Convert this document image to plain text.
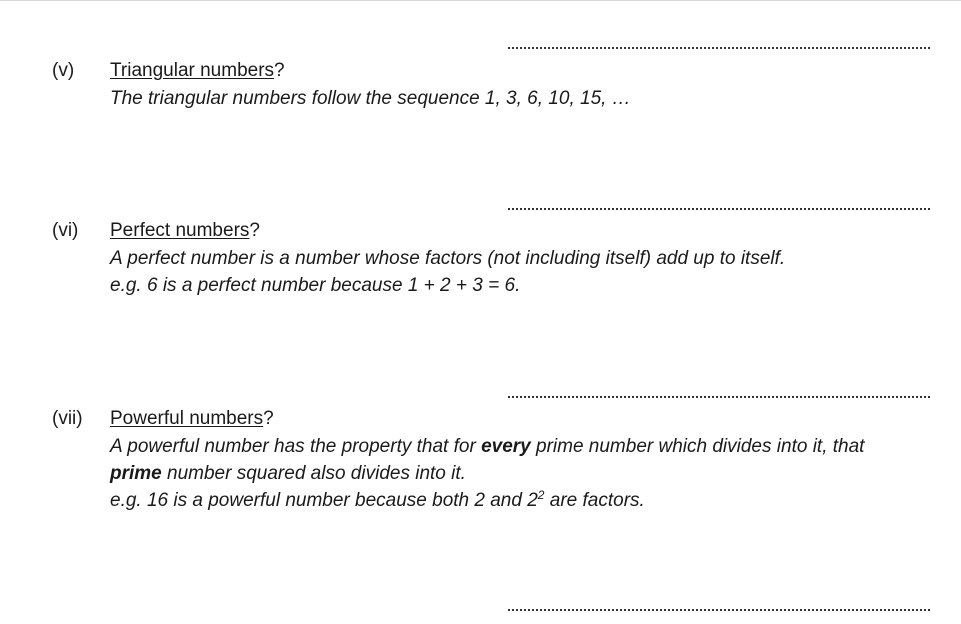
(v) Triangular numbers?
The triangular numbers follow the sequence 1, 3, 6, 10, 15, …
(vi) Perfect numbers?
A perfect number is a number whose factors (not including itself) add up to itself.
e.g. 6 is a perfect number because 1 + 2 + 3 = 6.
(vii) Powerful numbers?
A powerful number has the property that for every prime number which divides into it, that
prime number squared also divides into it.
e.g. 16 is a powerful number because both 2 and $2^2$ are factors.
